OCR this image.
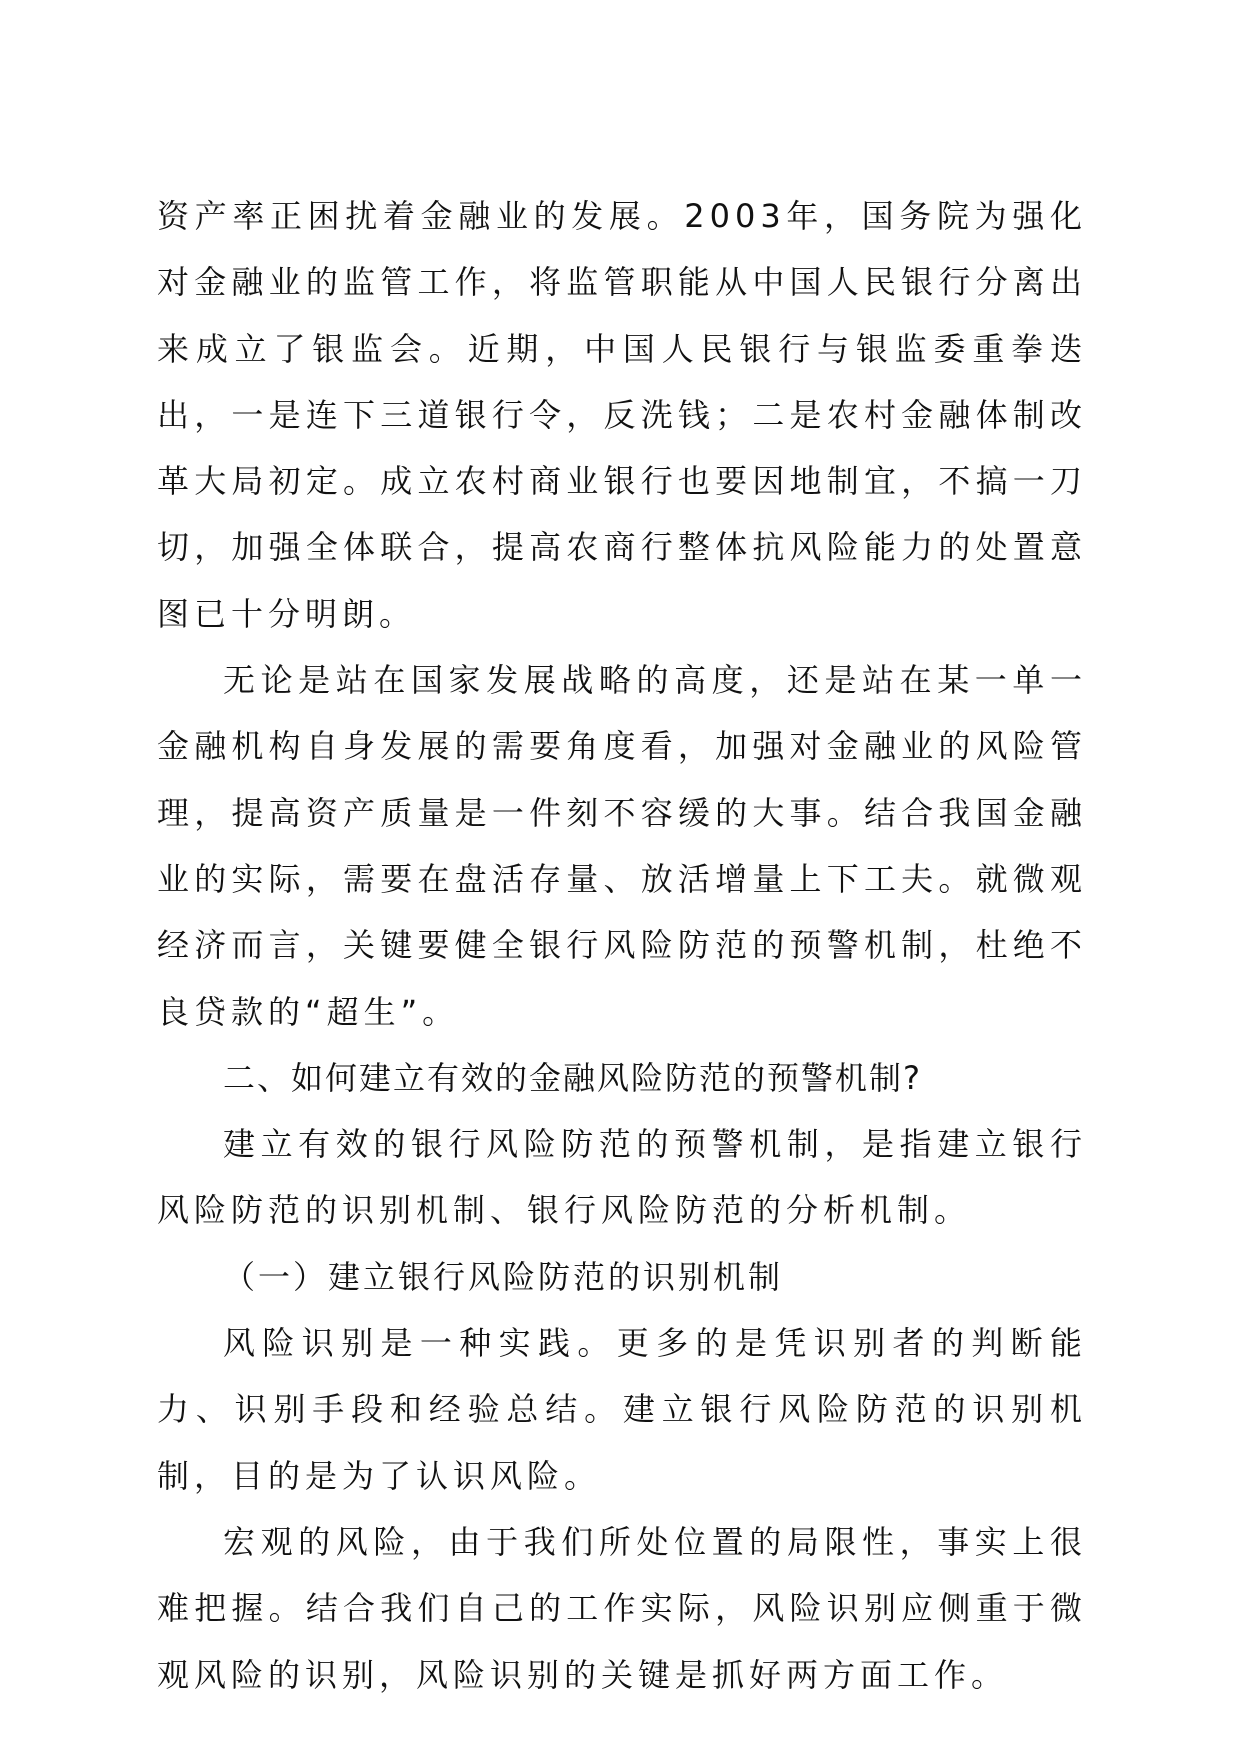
资产率正困扰着金融业的发展。2003年，国务院为强化对金融业的监管工作，将监管职能从中国人民银行分离出来成立了银监会。近期，中国人民银行与银监委重拳迭出，一是连下三道银行令，反洗钱；二是农村金融体制改革大局初定。成立农村商业银行也要因地制宜，不搞一刀切，加强全体联合，提高农商行整体抗风险能力的处置意图已十分明朗。

无论是站在国家发展战略的高度，还是站在某一单一金融机构自身发展的需要角度看，加强对金融业的风险管理，提高资产质量是一件刻不容缓的大事。结合我国金融业的实际，需要在盘活存量、放活增量上下工夫。就微观经济而言，关键要健全银行风险防范的预警机制，杜绝不良贷款的“超生”。

二、如何建立有效的金融风险防范的预警机制?

建立有效的银行风险防范的预警机制，是指建立银行风险防范的识别机制、银行风险防范的分析机制。

（一）建立银行风险防范的识别机制

风险识别是一种实践。更多的是凭识别者的判断能力、识别手段和经验总结。建立银行风险防范的识别机制，目的是为了认识风险。

宏观的风险，由于我们所处位置的局限性，事实上很难把握。结合我们自己的工作实际，风险识别应侧重于微观风险的识别，风险识别的关键是抓好两方面工作。
